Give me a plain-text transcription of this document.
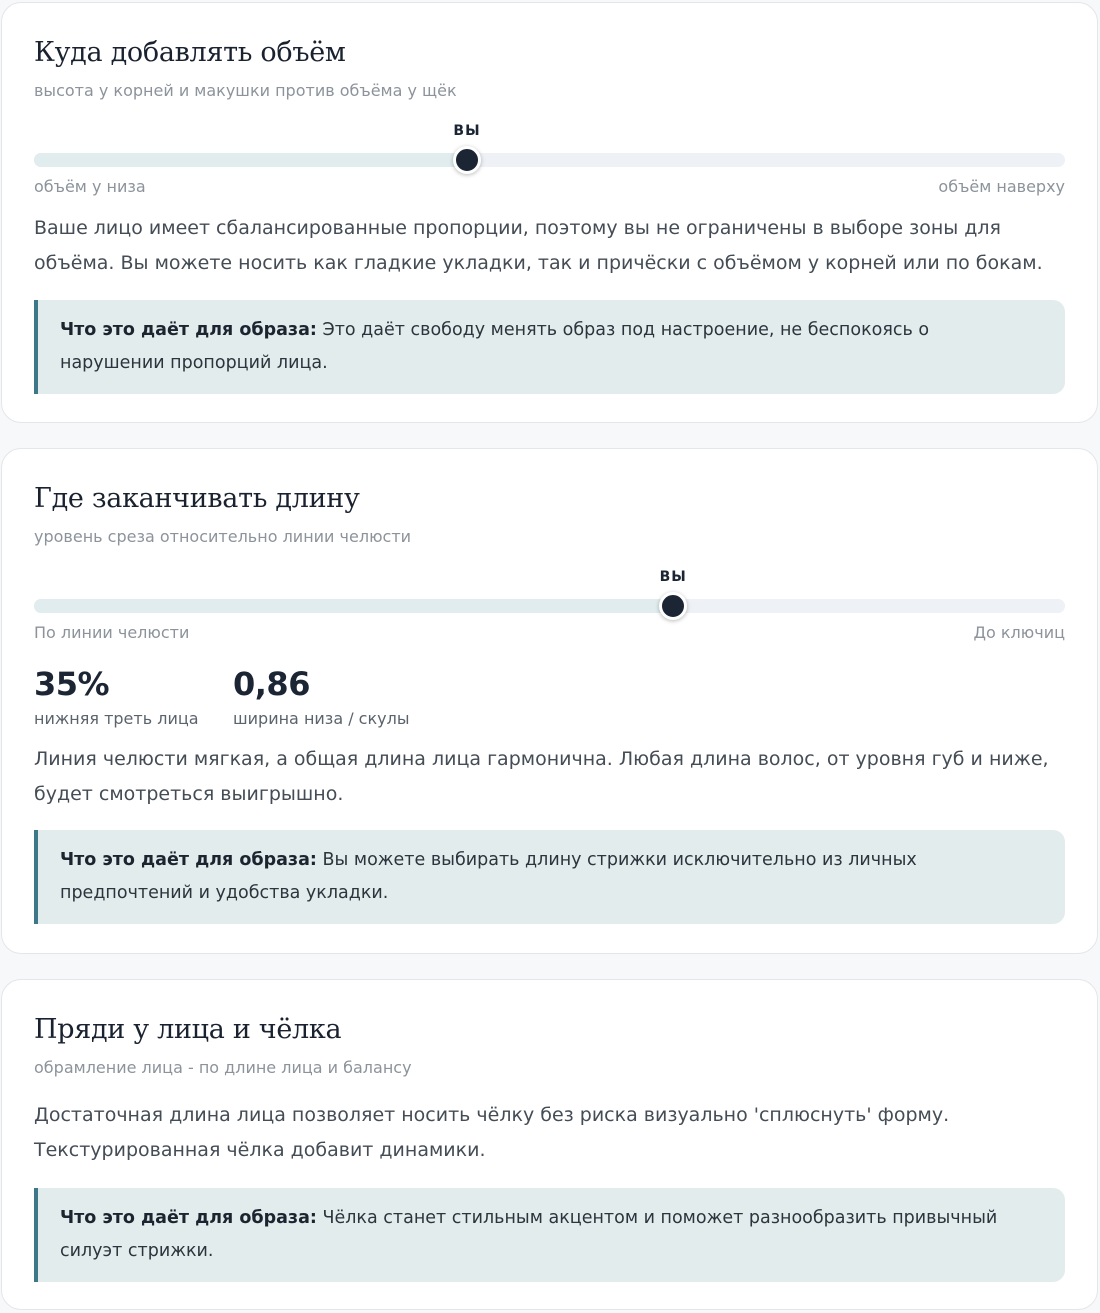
Куда добавлять объём
высота у корней и макушки против объёма у щёк
ВЫ
объём у низа	объём наверху

Ваше лицо имеет сбалансированные пропорции, поэтому вы не ограничены в выборе зоны для объёма. Вы можете носить как гладкие укладки, так и причёски с объёмом у корней или по бокам.

Что это даёт для образа: Это даёт свободу менять образ под настроение, не беспокоясь о нарушении пропорций лица.
Где заканчивать длину
уровень среза относительно линии челюсти
ВЫ
По линии челюсти	До ключиц
35%
нижняя треть лица
0,86
ширина низа / скулы

Линия челюсти мягкая, а общая длина лица гармонична. Любая длина волос, от уровня губ и ниже, будет смотреться выигрышно.

Что это даёт для образа: Вы можете выбирать длину стрижки исключительно из личных предпочтений и удобства укладки.
Пряди у лица и чёлка
обрамление лица - по длине лица и балансу

Достаточная длина лица позволяет носить чёлку без риска визуально 'сплюснуть' форму. Текстурированная чёлка добавит динамики.

Что это даёт для образа: Чёлка станет стильным акцентом и поможет разнообразить привычный силуэт стрижки.
